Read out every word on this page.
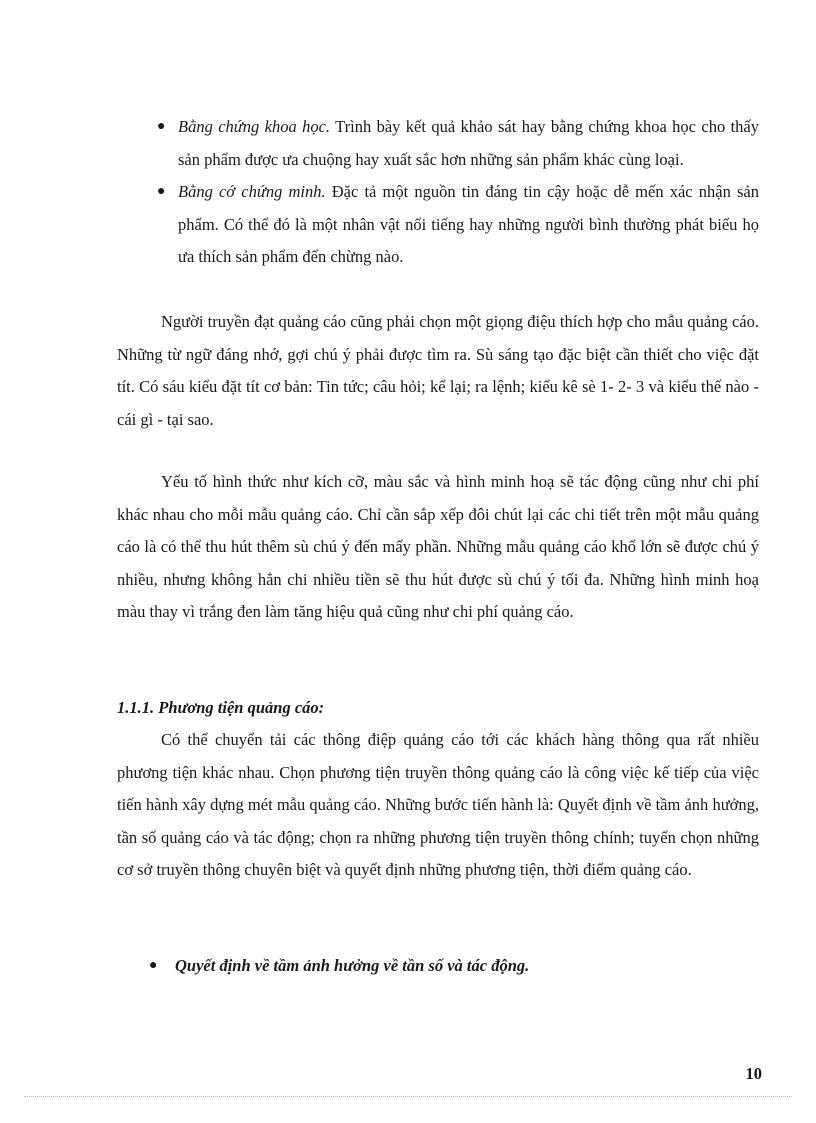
● Bằng chứng khoa học. Trình bày kết quả khảo sát hay bằng chứng khoa học cho thấy sản phẩm được ưa chuộng hay xuất sắc hơn những sản phẩm khác cùng loại.
● Bằng cớ chứng minh. Đặc tả một nguồn tin đáng tin cậy hoặc dễ mến xác nhận sản phẩm. Có thể đó là một nhân vật nổi tiếng hay những người bình thường phát biểu họ ưa thích sản phẩm đến chừng nào.

Người truyền đạt quảng cáo cũng phải chọn một giọng điệu thích hợp cho mẫu quảng cáo. Những từ ngữ đáng nhớ, gợi chú ý phải được tìm ra. Sù sáng tạo đặc biệt cần thiết cho việc đặt tít. Có sáu kiểu đặt tít cơ bản: Tin tức; câu hỏi; kể lại; ra lệnh; kiểu kê sè 1- 2- 3 và kiểu thế nào - cái gì - tại sao.

Yếu tố hình thức như kích cỡ, màu sắc và hình minh hoạ sẽ tác động cũng như chi phí khác nhau cho mỗi mẫu quảng cáo. Chỉ cần sắp xếp đôi chút lại các chi tiết trên một mẫu quảng cáo là có thể thu hút thêm sù chú ý đến mấy phần. Những mẫu quảng cáo khổ lớn sẽ được chú ý nhiều, nhưng không hẳn chi nhiều tiền sẽ thu hút được sù chú ý tối đa. Những hình minh hoạ màu thay vì trắng đen làm tăng hiệu quả cũng như chi phí quảng cáo.

1.1.1. Phương tiện quảng cáo:

Có thể chuyển tải các thông điệp quảng cáo tới các khách hàng thông qua rất nhiều phương tiện khác nhau. Chọn phương tiện truyền thông quảng cáo là công việc kế tiếp của việc tiến hành xây dựng mét mẫu quảng cáo. Những bước tiến hành là: Quyết định về tầm ảnh hưởng, tần số quảng cáo và tác động; chọn ra những phương tiện truyền thông chính; tuyển chọn những cơ sở truyền thông chuyên biệt và quyết định những phương tiện, thời điểm quảng cáo.

●	Quyết định về tầm ảnh hưởng về tần số và tác động.
10
